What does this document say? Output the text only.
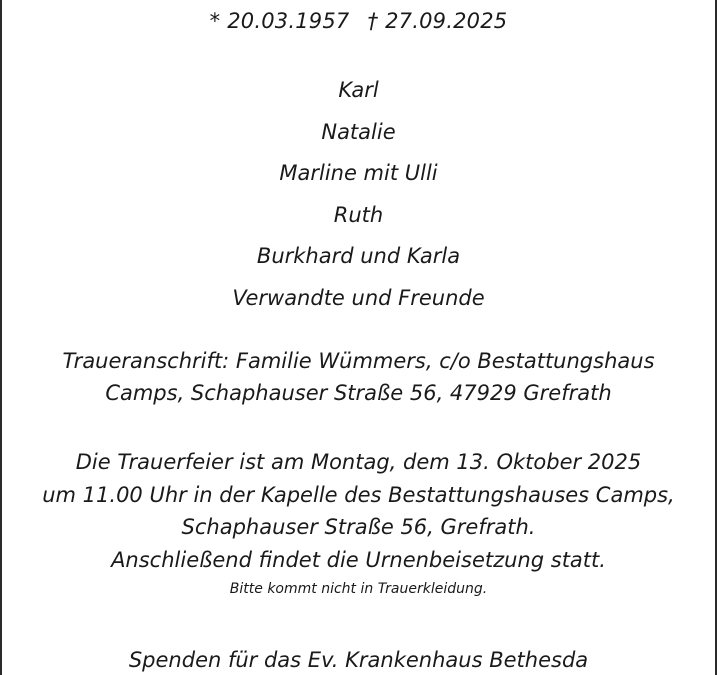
* 20.03.1957 † 27.09.2025
Karl
Natalie
Marline mit Ulli
Ruth
Burkhard und Karla
Verwandte und Freunde
Traueranschrift: Familie Wümmers, c/o Bestattungshaus
Camps, Schaphauser Straße 56, 47929 Grefrath
Die Trauerfeier ist am Montag, dem 13. Oktober 2025
um 11.00 Uhr in der Kapelle des Bestattungshauses Camps,
Schaphauser Straße 56, Grefrath.
Anschließend findet die Urnenbeisetzung statt.
Bitte kommt nicht in Trauerkleidung.
Spenden für das Ev. Krankenhaus Bethesda
